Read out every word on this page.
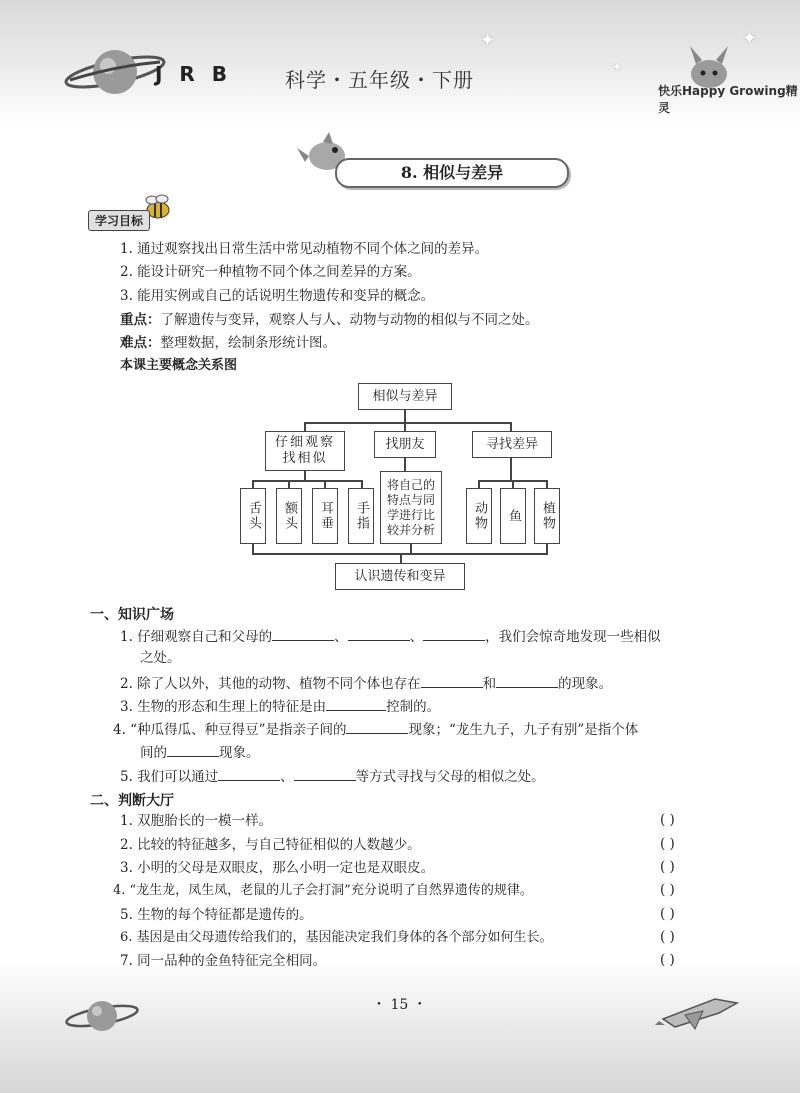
J R B	科学・五年级・下册
✦	✦
✦
快乐Happy Growing精灵
8. 相似与差异
学习目标
1. 通过观察找出日常生活中常见动植物不同个体之间的差异。
2. 能设计研究一种植物不同个体之间差异的方案。
3. 能用实例或自己的话说明生物遗传和变异的概念。
重点：了解遗传与变异，观察人与人、动物与动物的相似与不同之处。
难点：整理数据，绘制条形统计图。
本课主要概念关系图
相似与差异
仔细观察找相似
找朋友	寻找差异
舌头 额头 耳垂 手指
将自己的特点与同学进行比较并分析	动物 鱼 植物
认识遗传和变异
一、知识广场
1. 仔细观察自己和父母的	、	、	，我们会惊奇地发现一些相似
之处。
2. 除了人以外，其他的动物、植物不同个体也存在	和	的现象。
3. 生物的形态和生理上的特征是由	控制的。
4. “种瓜得瓜、种豆得豆”是指亲子间的	现象；“龙生九子，九子有别”是指个体
间的	现象。
5. 我们可以通过	、	等方式寻找与父母的相似之处。
二、判断大厅
1. 双胞胎长的一模一样。	( )
2. 比较的特征越多，与自己特征相似的人数越少。	( )
3. 小明的父母是双眼皮，那么小明一定也是双眼皮。	( )
4. “龙生龙，凤生凤，老鼠的儿子会打洞”充分说明了自然界遗传的规律。	( )
5. 生物的每个特征都是遗传的。	( )
6. 基因是由父母遗传给我们的，基因能决定我们身体的各个部分如何生长。	( )
7. 同一品种的金鱼特征完全相同。	( )
・ 15 ・
